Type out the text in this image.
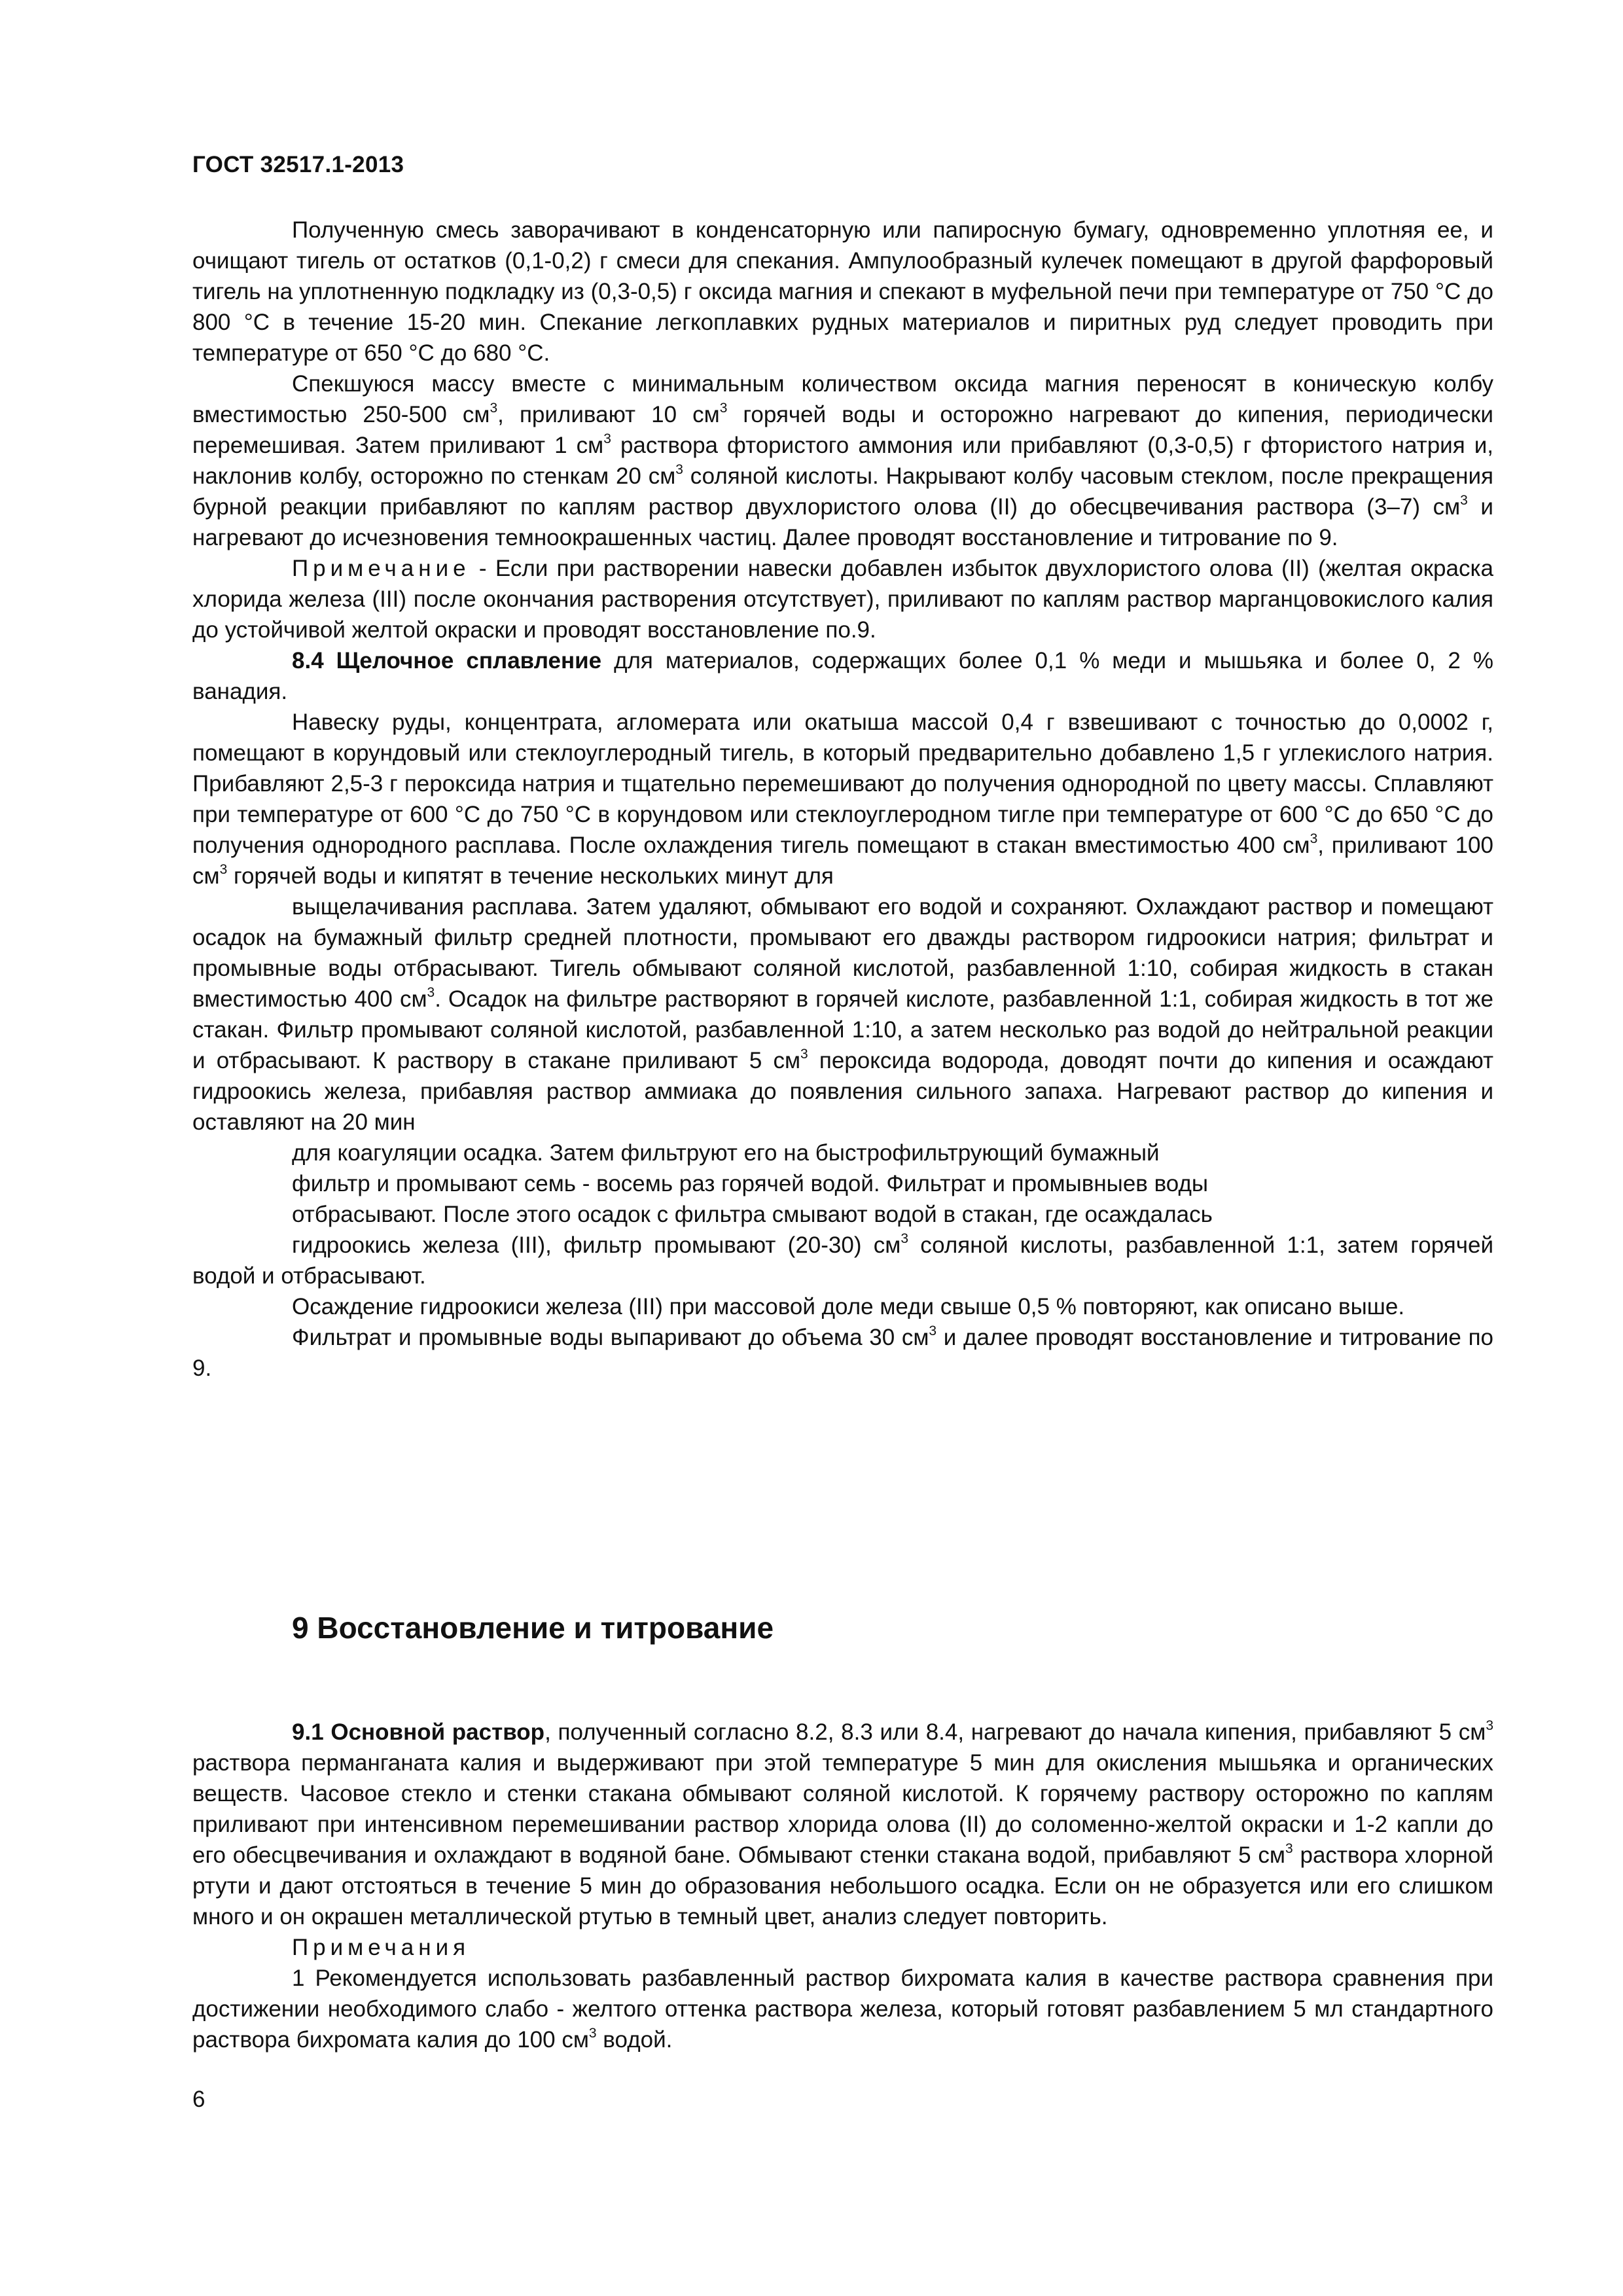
ГОСТ 32517.1-2013

Полученную смесь заворачивают в конденсаторную или папиросную бумагу, одновременно уплотняя ее, и очищают тигель от остатков (0,1-0,2) г смеси для спекания. Ампулообразный кулечек помещают в другой фарфоровый тигель на уплотненную подкладку из (0,3-0,5) г оксида магния и спекают в муфельной печи при температуре от 750 °С до 800 °С в течение 15-20 мин. Спекание легкоплавких рудных материалов и пиритных руд следует проводить при температуре от 650 °С до 680 °С.

Спекшуюся массу вместе с минимальным количеством оксида магния переносят в коническую колбу вместимостью 250-500 $см^3$, приливают 10 $см^3$ горячей воды и осторожно нагревают до кипения, периодически перемешивая. Затем приливают 1 $см^3$ раствора фтористого аммония или прибавляют (0,3-0,5) г фтористого натрия и, наклонив колбу, осторожно по стенкам 20 $см^3$ соляной кислоты. Накрывают колбу часовым стеклом, после прекращения бурной реакции прибавляют по каплям раствор двухлористого олова (II) до обесцвечивания раствора (3–7) $см^3$ и нагревают до исчезновения темноокрашенных частиц. Далее проводят восстановление и титрование по 9.

Примечание - Если при растворении навески добавлен избыток двухлористого олова (II) (желтая окраска хлорида железа (III) после окончания растворения отсутствует), приливают по каплям раствор марганцовокислого калия до устойчивой желтой окраски и проводят восстановление по.9.

8.4 Щелочное сплавление для материалов, содержащих более 0,1 % меди и мышьяка и более 0, 2 % ванадия.

Навеску руды, концентрата, агломерата или окатыша массой 0,4 г взвешивают с точностью до 0,0002 г, помещают в корундовый или стеклоуглеродный тигель, в который предварительно добавлено 1,5 г углекислого натрия. Прибавляют 2,5-3 г пероксида натрия и тщательно перемешивают до получения однородной по цвету массы. Сплавляют при температуре от 600 °С до 750 °С в корундовом или стеклоуглеродном тигле при температуре от 600 °С до 650 °С до получения однородного расплава. После охлаждения тигель помещают в стакан вместимостью 400 $см^3$, приливают 100 $см^3$ горячей воды и кипятят в течение нескольких минут для

выщелачивания расплава. Затем удаляют, обмывают его водой и сохраняют. Охлаждают раствор и помещают осадок на бумажный фильтр средней плотности, промывают его дважды раствором гидроокиси натрия; фильтрат и промывные воды отбрасывают. Тигель обмывают соляной кислотой, разбавленной 1:10, собирая жидкость в стакан вместимостью 400 $см^3$. Осадок на фильтре растворяют в горячей кислоте, разбавленной 1:1, собирая жидкость в тот же стакан. Фильтр промывают соляной кислотой, разбавленной 1:10, а затем несколько раз водой до нейтральной реакции и отбрасывают. К раствору в стакане приливают 5 $см^3$ пероксида водорода, доводят почти до кипения и осаждают гидроокись железа, прибавляя раствор аммиака до появления сильного запаха. Нагревают раствор до кипения и оставляют на 20 мин

для коагуляции осадка. Затем фильтруют его на быстрофильтрующий бумажный

фильтр и промывают семь - восемь раз горячей водой. Фильтрат и промывныев воды

отбрасывают. После этого осадок с фильтра смывают водой в стакан, где осаждалась

гидроокись железа (III), фильтр промывают (20-30) $см^3$ соляной кислоты, разбавленной 1:1, затем горячей водой и отбрасывают.

Осаждение гидроокиси железа (III) при массовой доле меди свыше 0,5 % повторяют, как описано выше.

Фильтрат и промывные воды выпаривают до объема 30 $см^3$ и далее проводят восстановление и титрование по 9.

9 Восстановление и титрование

9.1 Основной раствор, полученный согласно 8.2, 8.3 или 8.4, нагревают до начала кипения, прибавляют 5 $см^3$ раствора перманганата калия и выдерживают при этой температуре 5 мин для окисления мышьяка и органических веществ. Часовое стекло и стенки стакана обмывают соляной кислотой. К горячему раствору осторожно по каплям приливают при интенсивном перемешивании раствор хлорида олова (II) до соломенно-желтой окраски и 1-2 капли до его обесцвечивания и охлаждают в водяной бане. Обмывают стенки стакана водой, прибавляют 5 $см^3$ раствора хлорной ртути и дают отстояться в течение 5 мин до образования небольшого осадка. Если он не образуется или его слишком много и он окрашен металлической ртутью в темный цвет, анализ следует повторить.

Примечания

1 Рекомендуется использовать разбавленный раствор бихромата калия в качестве раствора сравнения при достижении необходимого слабо - желтого оттенка раствора железа, который готовят разбавлением 5 мл стандартного раствора бихромата калия до 100 $см^3$ водой.

6
